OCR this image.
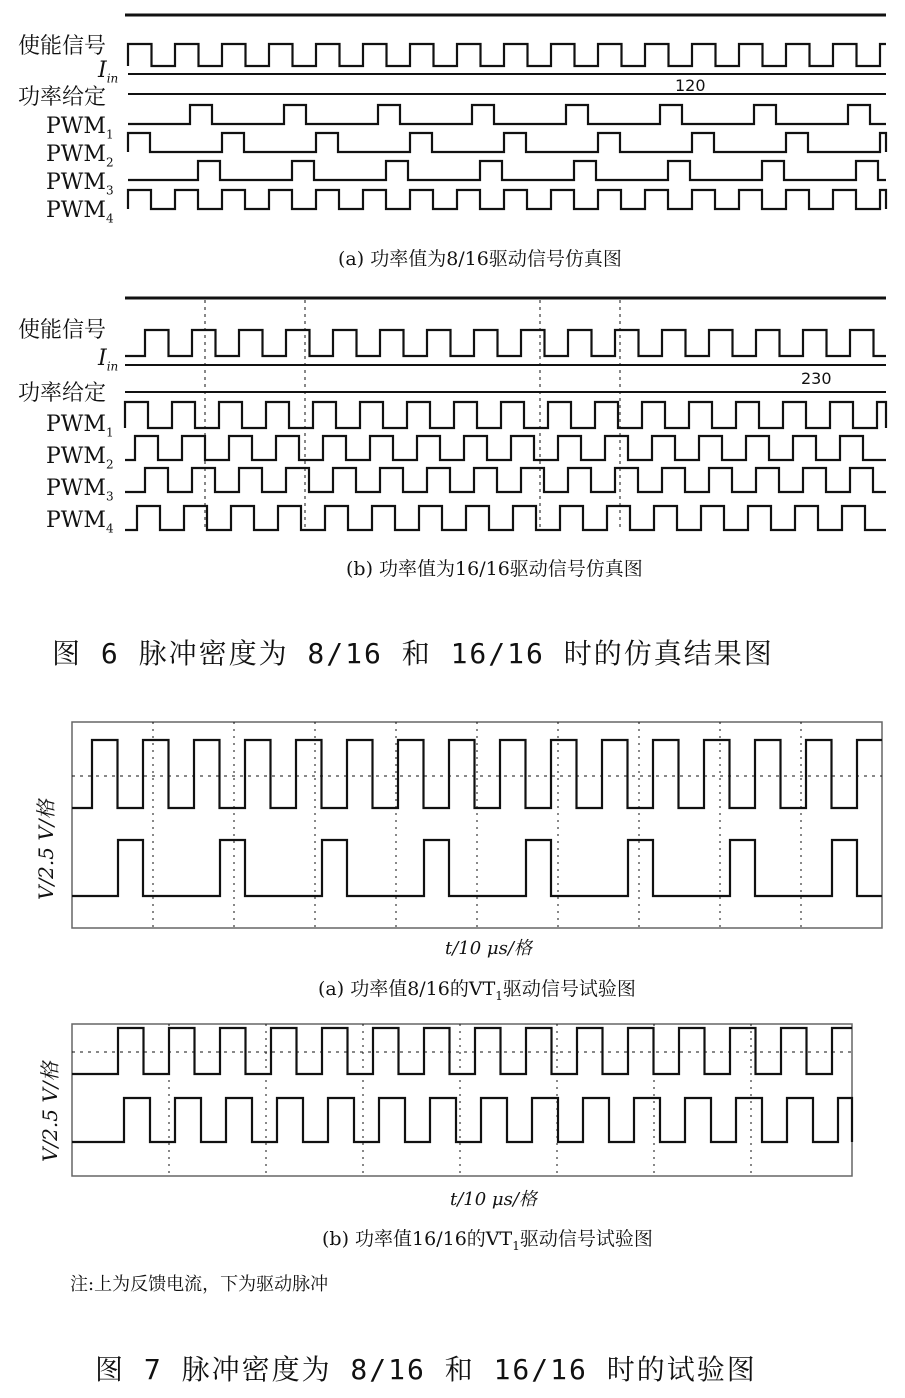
使能信号
$I_{in}$
功率给定
$PWM_1$
$PWM_2$
$PWM_3$
$PWM_4$
120
(a) 功率值为8/16驱动信号仿真图
使能信号
$I_{in}$
功率给定
$PWM_1$
$PWM_2$
$PWM_3$
$PWM_4$
230
(b) 功率值为16/16驱动信号仿真图
图 6 脉冲密度为 8/16 和 16/16 时的仿真结果图
V/2.5 V/格
t/10 μs/格
(a) 功率值8/16的$VT_1$驱动信号试验图
V/2.5 V/格
t/10 μs/格
(b) 功率值16/16的$VT_1$驱动信号试验图
注:上为反馈电流，下为驱动脉冲
图 7 脉冲密度为 8/16 和 16/16 时的试验图
